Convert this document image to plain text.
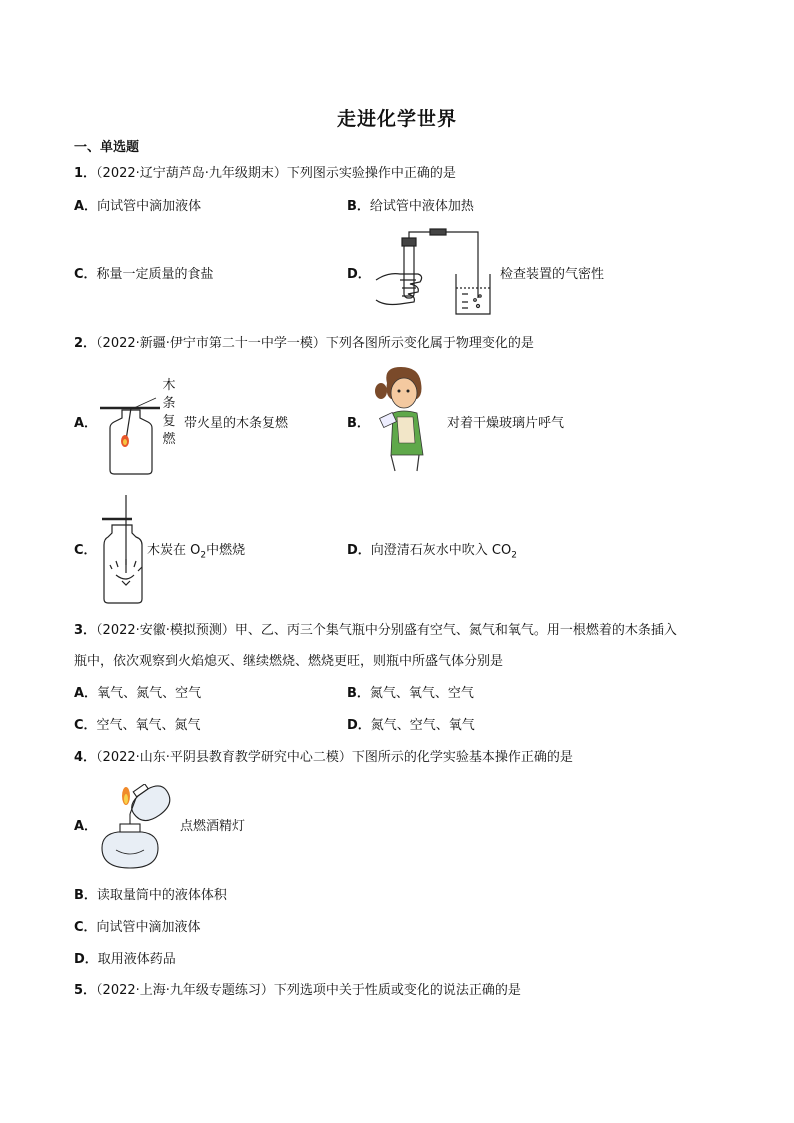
走进化学世界
一、单选题
1．（2022·辽宁葫芦岛·九年级期末）下列图示实验操作中正确的是
A．向试管中滴加液体	B．给试管中液体加热
C．称量一定质量的食盐	D．	检查装置的气密性
2．（2022·新疆·伊宁市第二十一中学一模）下列各图所示变化属于物理变化的是
A．
木
条
复
燃
带火星的木条复燃	B．	对着干燥玻璃片呼气
C．	木炭在 $O_2$中燃烧	D．向澄清石灰水中吹入 $CO_2$
3．（2022·安徽·模拟预测）甲、乙、丙三个集气瓶中分别盛有空气、氮气和氧气。用一根燃着的木条插入
瓶中，依次观察到火焰熄灭、继续燃烧、燃烧更旺，则瓶中所盛气体分别是
A．氧气、氮气、空气	B．氮气、氧气、空气
C．空气、氧气、氮气	D．氮气、空气、氧气
4．（2022·山东·平阴县教育教学研究中心二模）下图所示的化学实验基本操作正确的是
A．	点燃酒精灯
B．读取量筒中的液体体积
C．向试管中滴加液体
D．取用液体药品
5．（2022·上海·九年级专题练习）下列选项中关于性质或变化的说法正确的是
